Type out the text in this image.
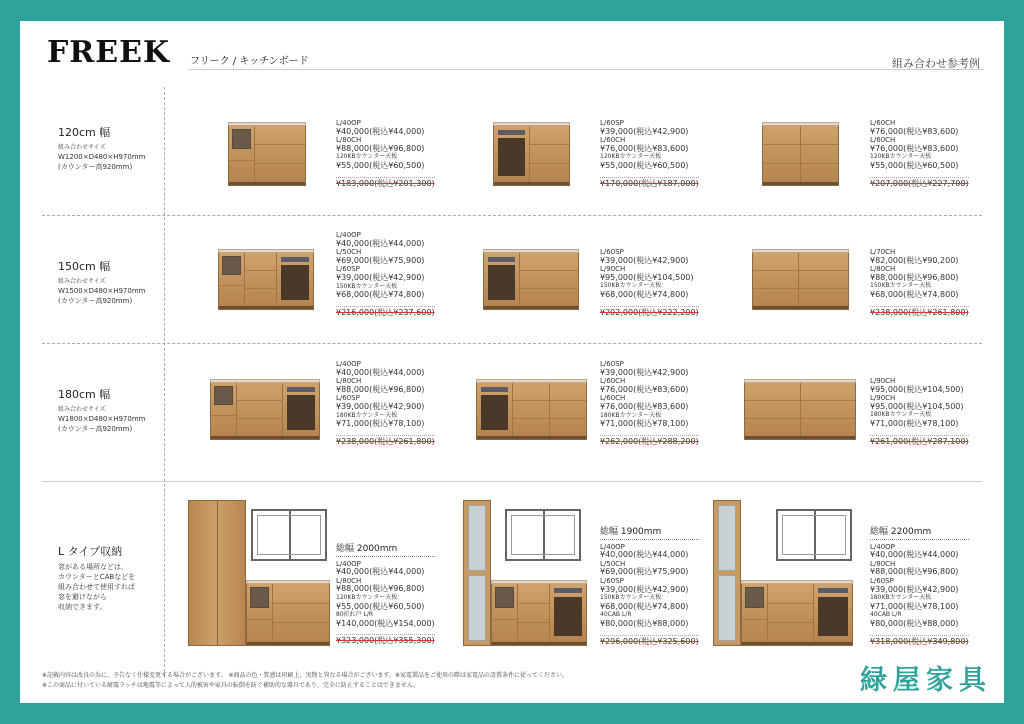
FREEK フリーク / キッチンボード	組み合わせ参考例
120cm 幅
組み合わせサイズ
W1200×D480×H970mm
(カウンター高920mm)
150cm 幅
組み合わせサイズ
W1500×D480×H970mm
(カウンター高920mm)
180cm 幅
組み合わせサイズ
W1800×D480×H970mm
(カウンター高920mm)
L タイプ収納
窓がある場所などは、
カウンターとCABなどを
組み合わせて使用すれば
窓を避けながら
収納できます。
L/40OP
¥40,000(税込¥44,000)
L/80CH
¥88,000(税込¥96,800)
120KBカウンター天板
¥55,000(税込¥60,500)
¥183,000(税込¥201,300)
L/60SP
¥39,000(税込¥42,900)
L/60CH
¥76,000(税込¥83,600)
120KBカウンター天板
¥55,000(税込¥60,500)
¥170,000(税込¥187,000)
L/60CH
¥76,000(税込¥83,600)
L/60CH
¥76,000(税込¥83,600)
120KBカウンター天板
¥55,000(税込¥60,500)
¥207,000(税込¥227,700)
L/40OP
¥40,000(税込¥44,000)
L/50CH
¥69,000(税込¥75,900)
L/60SP
¥39,000(税込¥42,900)
150KBカウンター天板
¥68,000(税込¥74,800)
¥216,000(税込¥237,600)
L/60SP
¥39,000(税込¥42,900)
L/90CH
¥95,000(税込¥104,500)
150KBカウンター天板
¥68,000(税込¥74,800)
¥202,000(税込¥222,200)
L/70CH
¥82,000(税込¥90,200)
L/80CH
¥88,000(税込¥96,800)
150KBカウンター天板
¥68,000(税込¥74,800)
¥238,000(税込¥261,800)
L/40OP
¥40,000(税込¥44,000)
L/80CH
¥88,000(税込¥96,800)
L/60SP
¥39,000(税込¥42,900)
180KBカウンター天板
¥71,000(税込¥78,100)
¥238,000(税込¥261,800)
L/60SP
¥39,000(税込¥42,900)
L/60CH
¥76,000(税込¥83,600)
L/60CH
¥76,000(税込¥83,600)
180KBカウンター天板
¥71,000(税込¥78,100)
¥262,000(税込¥288,200)
L/90CH
¥95,000(税込¥104,500)
L/90CH
¥95,000(税込¥104,500)
180KBカウンター天板
¥71,000(税込¥78,100)
¥261,000(税込¥287,100)
総幅 2000mm
L/40OP
¥40,000(税込¥44,000)
L/80CH
¥88,000(税込¥96,800)
120KBカウンター天板
¥55,000(税込¥60,500)
80折れ戸 L/R
¥140,000(税込¥154,000)
¥323,000(税込¥355,300)
総幅 1900mm
L/40OP
¥40,000(税込¥44,000)
L/50CH
¥69,000(税込¥75,900)
L/60SP
¥39,000(税込¥42,900)
150KBカウンター天板
¥68,000(税込¥74,800)
40CAB L/R
¥80,000(税込¥88,000)
¥296,000(税込¥325,600)
総幅 2200mm
L/40OP
¥40,000(税込¥44,000)
L/80CH
¥88,000(税込¥96,800)
L/60SP
¥39,000(税込¥42,900)
180KBカウンター天板
¥71,000(税込¥78,100)
40CAB L/R
¥80,000(税込¥88,000)
¥318,000(税込¥349,800)
※記載内容は改良の為に、予告なく仕様変更する場合がございます。 ※商品の色・質感は印刷上、実物と異なる場合がございます。※家電製品をご使用の際は家電品の設置条件に従ってください。
※この商品に付いている耐震ラッチは地震等によって人的被害や家具の転倒を防ぐ補助的な器具であり、完全に防止することはできません。	緑屋家具
